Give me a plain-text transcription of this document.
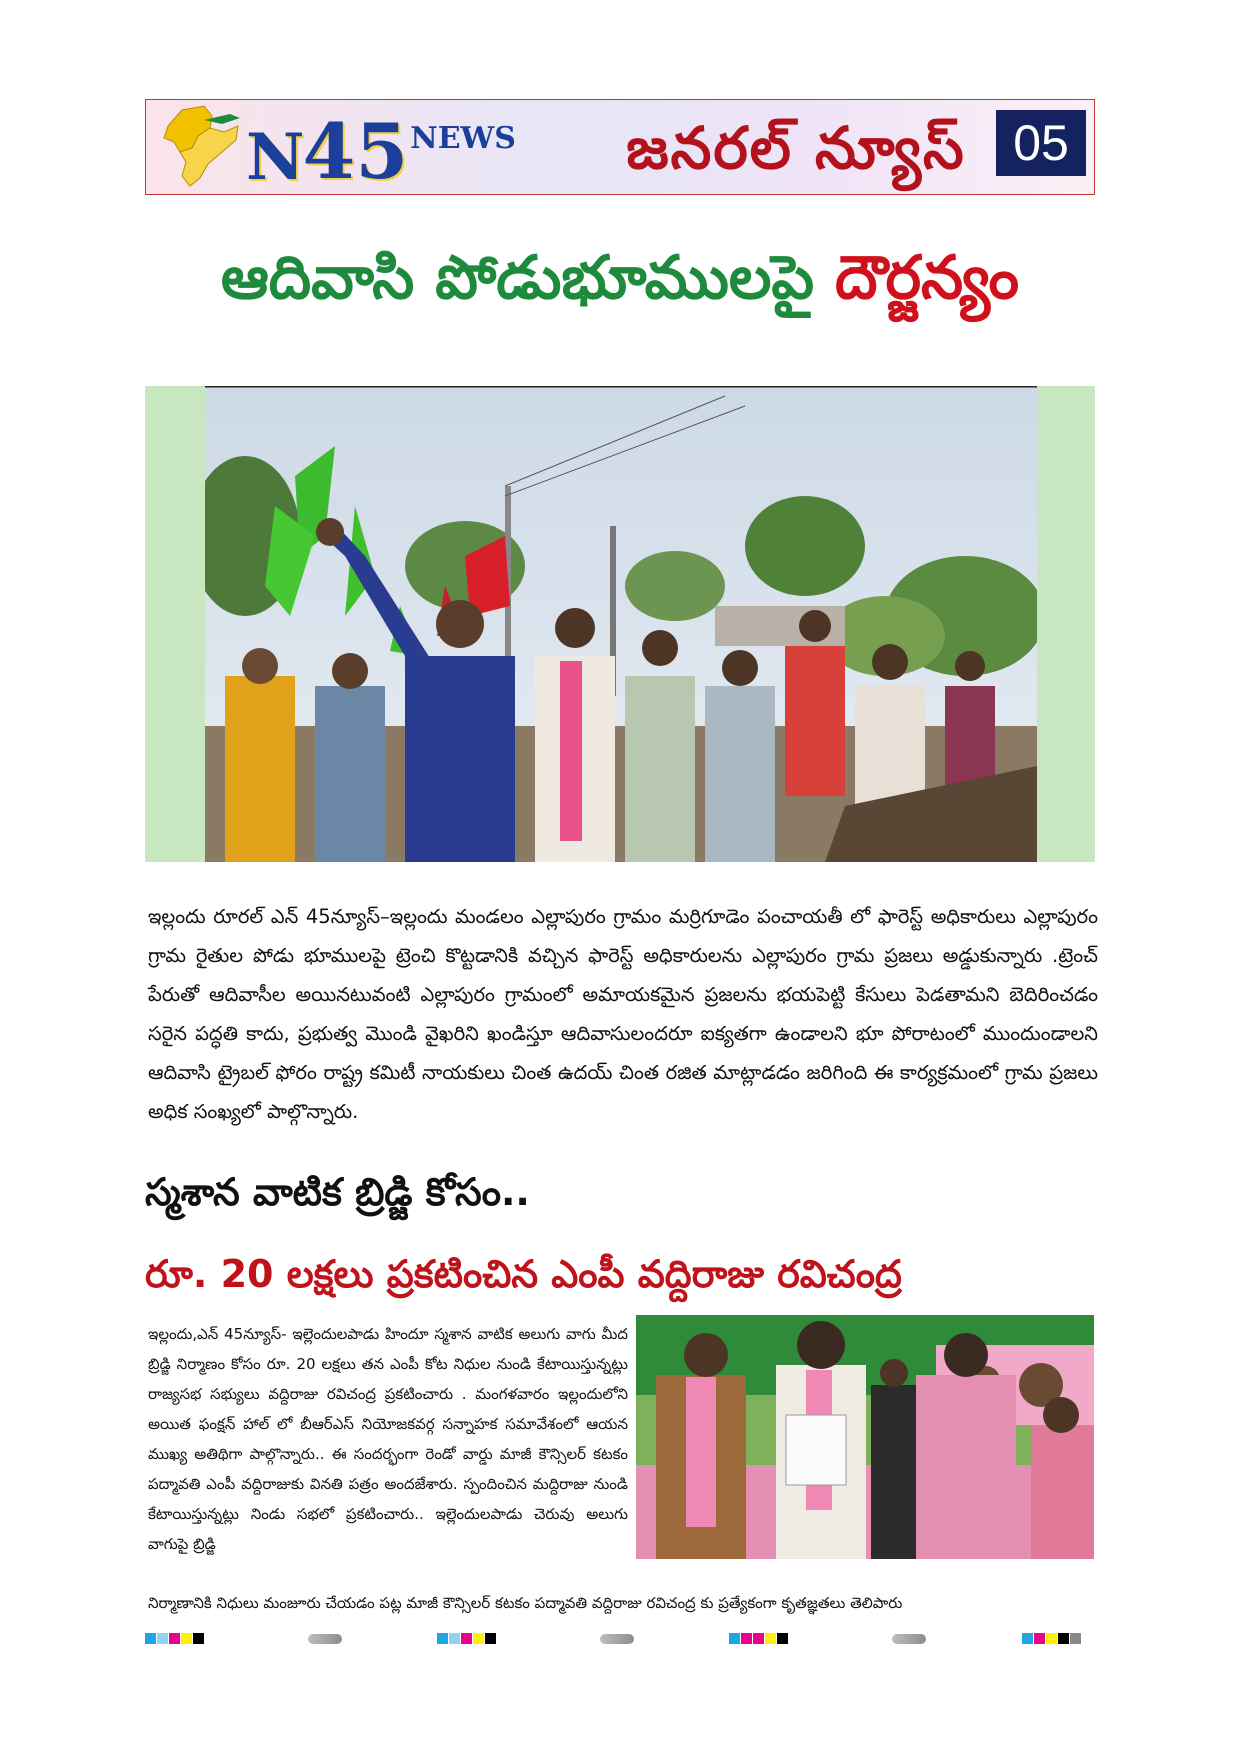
N
45 NEWS	జనరల్ న్యూస్ 05
ఆదివాసి పోడుభూములపై దౌర్జన్యం
ఇల్లందు రూరల్ ఎన్ 45న్యూస్–ఇల్లందు మండలం ఎల్లాపురం గ్రామం మర్రిగూడెం పంచాయతీ లో ఫారెస్ట్ అధికారులు ఎల్లాపురం గ్రామ రైతుల పోడు భూములపై ట్రెంచి కొట్టడానికి వచ్చిన ఫారెస్ట్ అధికారులను ఎల్లాపురం గ్రామ ప్రజలు అడ్డుకున్నారు .ట్రెంచ్ పేరుతో ఆదివాసీల అయినటువంటి ఎల్లాపురం గ్రామంలో అమాయకమైన ప్రజలను భయపెట్టి కేసులు పెడతామని బెదిరించడం సరైన పద్ధతి కాదు, ప్రభుత్వ మొండి వైఖరిని ఖండిస్తూ ఆదివాసులందరూ ఐక్యతగా ఉండాలని భూ పోరాటంలో ముందుండాలని ఆదివాసి ట్రైబల్ ఫోరం రాష్ట్ర కమిటీ నాయకులు చింత ఉదయ్ చింత రజిత మాట్లాడడం జరిగింది ఈ కార్యక్రమంలో గ్రామ ప్రజలు అధిక సంఖ్యలో పాల్గొన్నారు.
స్మశాన వాటిక బ్రిడ్జి కోసం..
రూ. 20 లక్షలు ప్రకటించిన ఎంపీ వద్దిరాజు రవిచంద్ర
ఇల్లందు,ఎన్ 45న్యూస్- ఇల్లెందులపాడు హిందూ స్మశాన వాటిక అలుగు వాగు మీద బ్రిడ్జి నిర్మాణం కోసం రూ. 20 లక్షలు తన ఎంపీ కోట నిధుల నుండి కేటాయిస్తున్నట్లు రాజ్యసభ సభ్యులు వద్దిరాజు రవిచంద్ర ప్రకటించారు . మంగళవారం ఇల్లందులోని అయిత ఫంక్షన్ హాల్ లో బీఆర్ఎస్ నియోజకవర్గ సన్నాహక సమావేశంలో ఆయన ముఖ్య అతిథిగా పాల్గొన్నారు.. ఈ సందర్భంగా రెండో వార్డు మాజీ కౌన్సిలర్ కటకం పద్మావతి ఎంపీ వద్దిరాజుకు వినతి పత్రం అందజేశారు. స్పందించిన మద్దిరాజు నుండి కేటాయిస్తున్నట్లు నిండు సభలో ప్రకటించారు.. ఇల్లెందులపాడు చెరువు అలుగు వాగుపై బ్రిడ్జి
నిర్మాణానికి నిధులు మంజూరు చేయడం పట్ల మాజీ కౌన్సిలర్ కటకం పద్మావతి వద్దిరాజు రవిచంద్ర కు ప్రత్యేకంగా కృతజ్ఞతలు తెలిపారు
